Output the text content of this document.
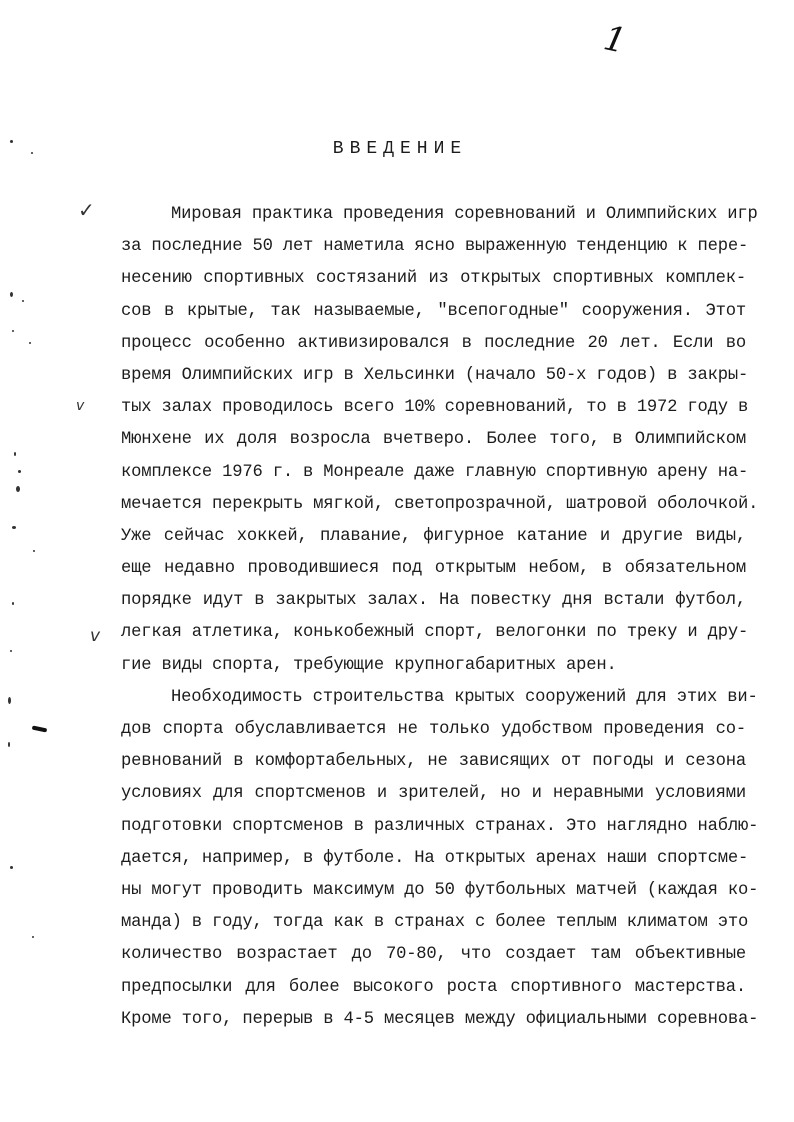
1
ВВЕДЕНИЕ
✓
v
v
Мировая практика проведения соревнований и Олимпийских игр
за последние 50 лет наметила ясно выраженную тенденцию к пере-
несению спортивных состязаний из открытых спортивных комплек-
сов в крытые, так называемые, "всепогодные" сооружения. Этот
процесс особенно активизировался в последние 20 лет. Если во
время Олимпийских игр в Хельсинки (начало 50-х годов) в закры-
тых залах проводилось всего 10% соревнований, то в 1972 году в
Мюнхене их доля возросла вчетверо. Более того, в Олимпийском
комплексе 1976 г. в Монреале даже главную спортивную арену на-
мечается перекрыть мягкой, светопрозрачной, шатровой оболочкой.
Уже сейчас хоккей, плавание, фигурное катание и другие виды,
еще недавно проводившиеся под открытым небом, в обязательном
порядке идут в закрытых залах. На повестку дня встали футбол,
легкая атлетика, конькобежный спорт, велогонки по треку и дру-
гие виды спорта, требующие крупногабаритных арен.
Необходимость строительства крытых сооружений для этих ви-
дов спорта обуславливается не только удобством проведения со-
ревнований в комфортабельных, не зависящих от погоды и сезона
условиях для спортсменов и зрителей, но и неравными условиями
подготовки спортсменов в различных странах. Это наглядно наблю-
дается, например, в футболе. На открытых аренах наши спортсме-
ны могут проводить максимум до 50 футбольных матчей (каждая ко-
манда) в году, тогда как в странах с более теплым климатом это
количество возрастает до 70-80, что создает там объективные
предпосылки для более высокого роста спортивного мастерства.
Кроме того, перерыв в 4-5 месяцев между официальными соревнова-
